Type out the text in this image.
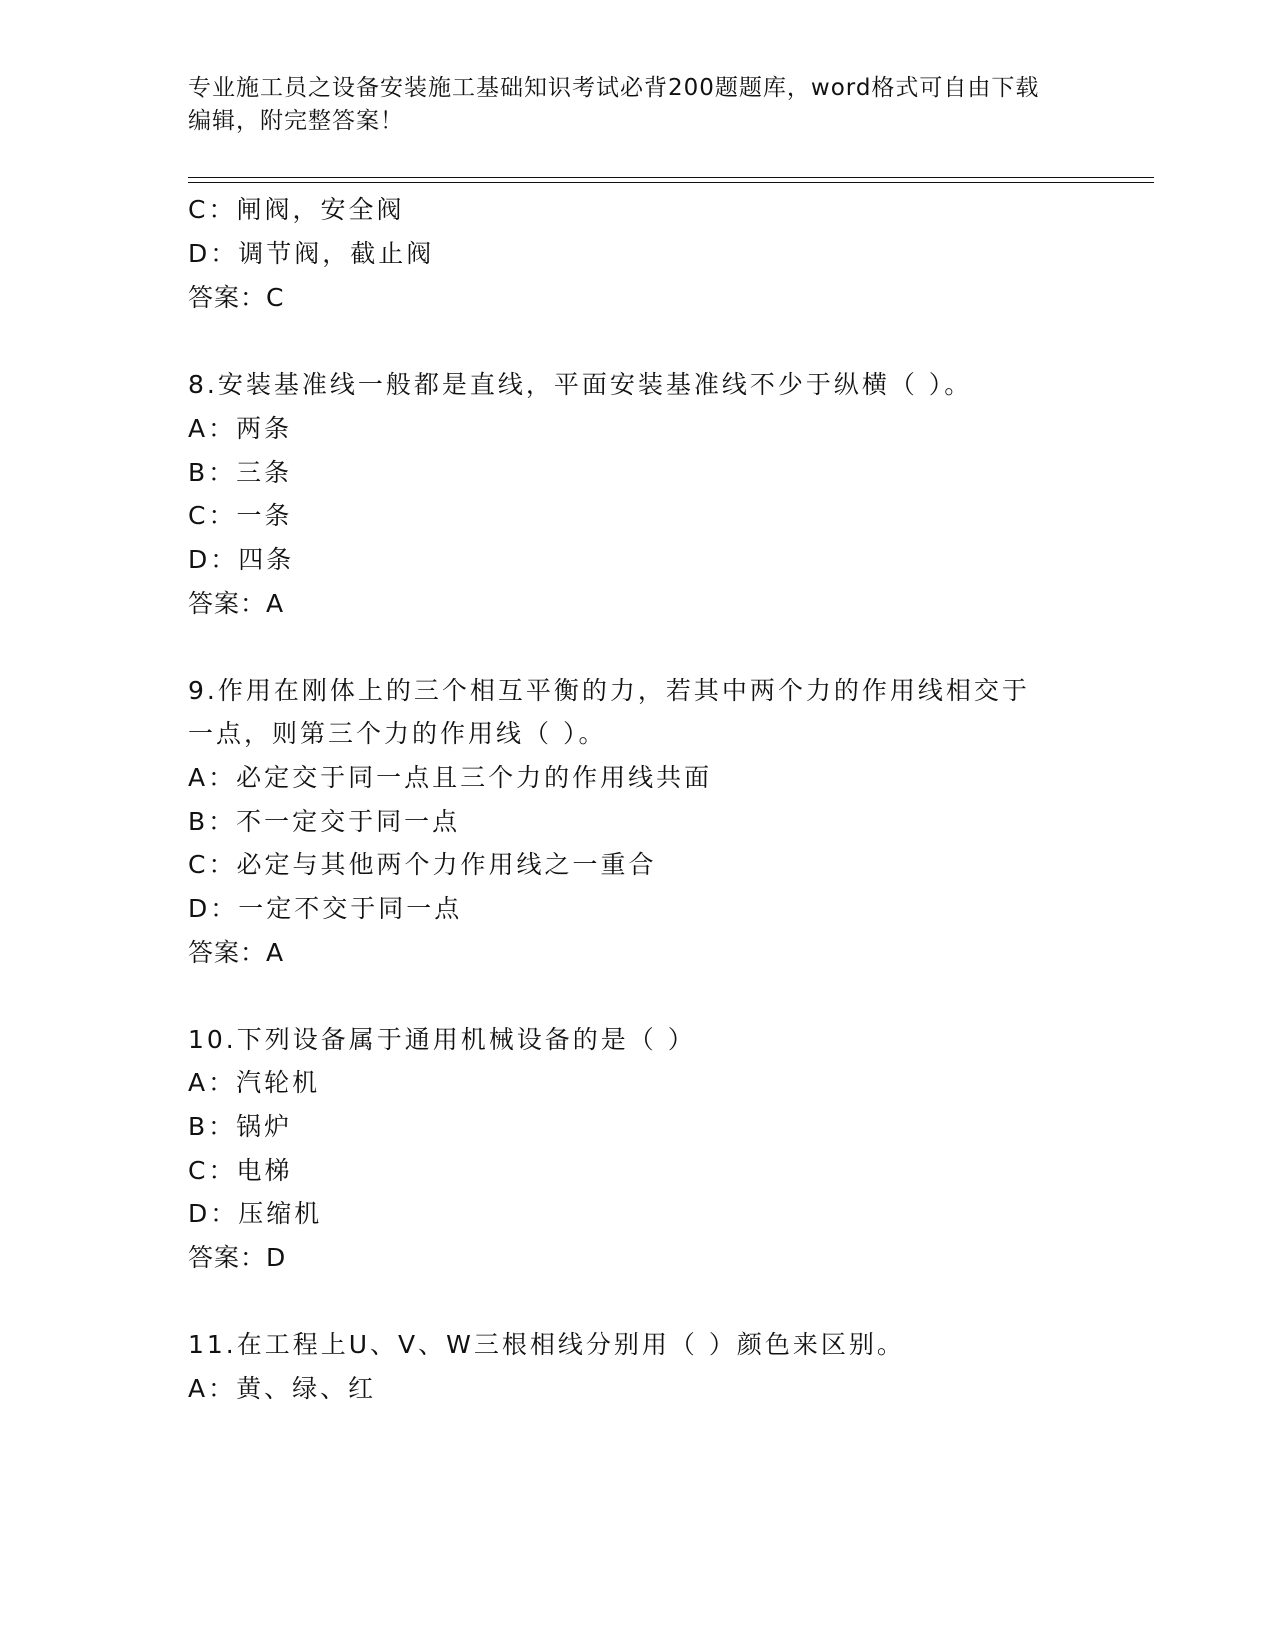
专业施工员之设备安装施工基础知识考试必背200题题库，word格式可自由下载
编辑，附完整答案！
C：闸阀，安全阀
D：调节阀，截止阀
答案：C
8.安装基准线一般都是直线，平面安装基准线不少于纵横（ ）。
A：两条
B：三条
C：一条
D：四条
答案：A
9.作用在刚体上的三个相互平衡的力，若其中两个力的作用线相交于
一点，则第三个力的作用线（ ）。
A：必定交于同一点且三个力的作用线共面
B：不一定交于同一点
C：必定与其他两个力作用线之一重合
D：一定不交于同一点
答案：A
10.下列设备属于通用机械设备的是（ ）
A：汽轮机
B：锅炉
C：电梯
D：压缩机
答案：D
11.在工程上U、V、W三根相线分别用（ ）颜色来区别。
A：黄、绿、红
